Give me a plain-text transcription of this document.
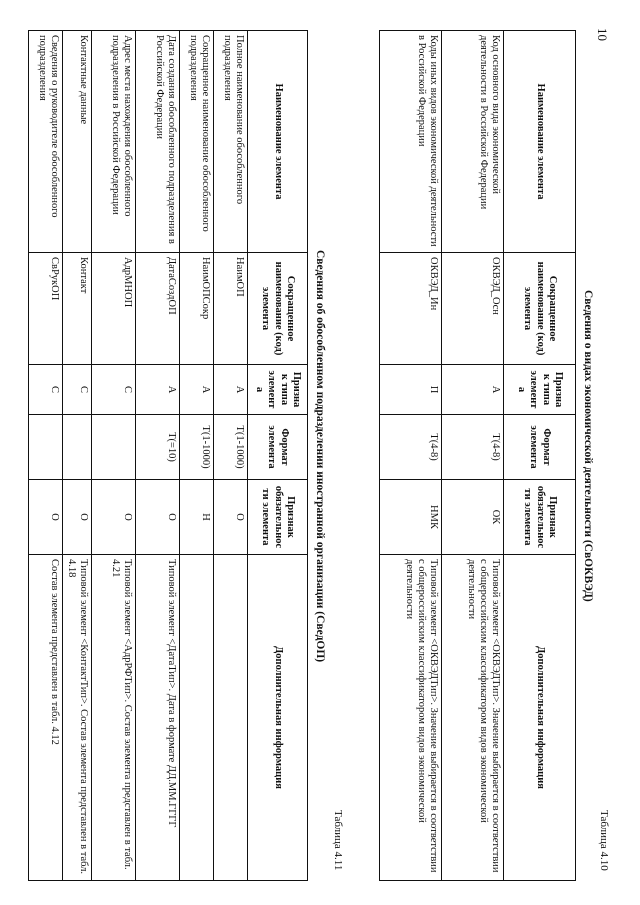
10
Таблица 4.10
Сведения о видах экономической деятельности (СвОКВЭД)
Наименование элемента	Сокращенное наименование (код) элемента	Признак типа элемента	Формат элемента	Признак обязательности элемента	Дополнительная информация
Код основного вида экономической деятельности в Российской Федерации	ОКВЭД_Осн	А	T(4-8)	ОК	Типовой элемент <ОКВЭДТип>. Значение выбирается в соответствии с общероссийским классификатором видов экономической деятельности
Коды иных видов экономической деятельности в Российской Федерации	ОКВЭД_Ин	П	T(4-8)	НМК	Типовой элемент <ОКВЭДТип>. Значение выбирается в соответствии с общероссийским классификатором видов экономической деятельности
Таблица 4.11
Сведения об обособленном подразделении иностранной организации (СведОП)
Наименование элемента	Сокращенное наименование (код) элемента	Признак типа элемента	Формат элемента	Признак обязательности элемента	Дополнительная информация
Полное наименование обособленного подразделения	НаимОП	А	T(1-1000)	О	
Сокращенное наименование обособленного подразделения	НаимОПСокр	А	T(1-1000)	Н	
Дата создания обособленного подразделения в Российской Федерации	ДатаСоздОП	А	T(=10)	О	Типовой элемент <ДатаТип>. Дата в формате ДД.ММ.ГГГГ
Адрес места нахождения обособленного подразделения в Российской Федерации	АдрМНОП	С		О	Типовой элемент <АдрРФТип>. Состав элемента представлен в табл. 4.21
Контактные данные	Контакт	С		О	Типовой элемент <КонтактТип>. Состав элемента представлен в табл. 4.18
Сведения о руководителе обособленного подразделения	СвРукОП	С		О	Состав элемента представлен в табл. 4.12
